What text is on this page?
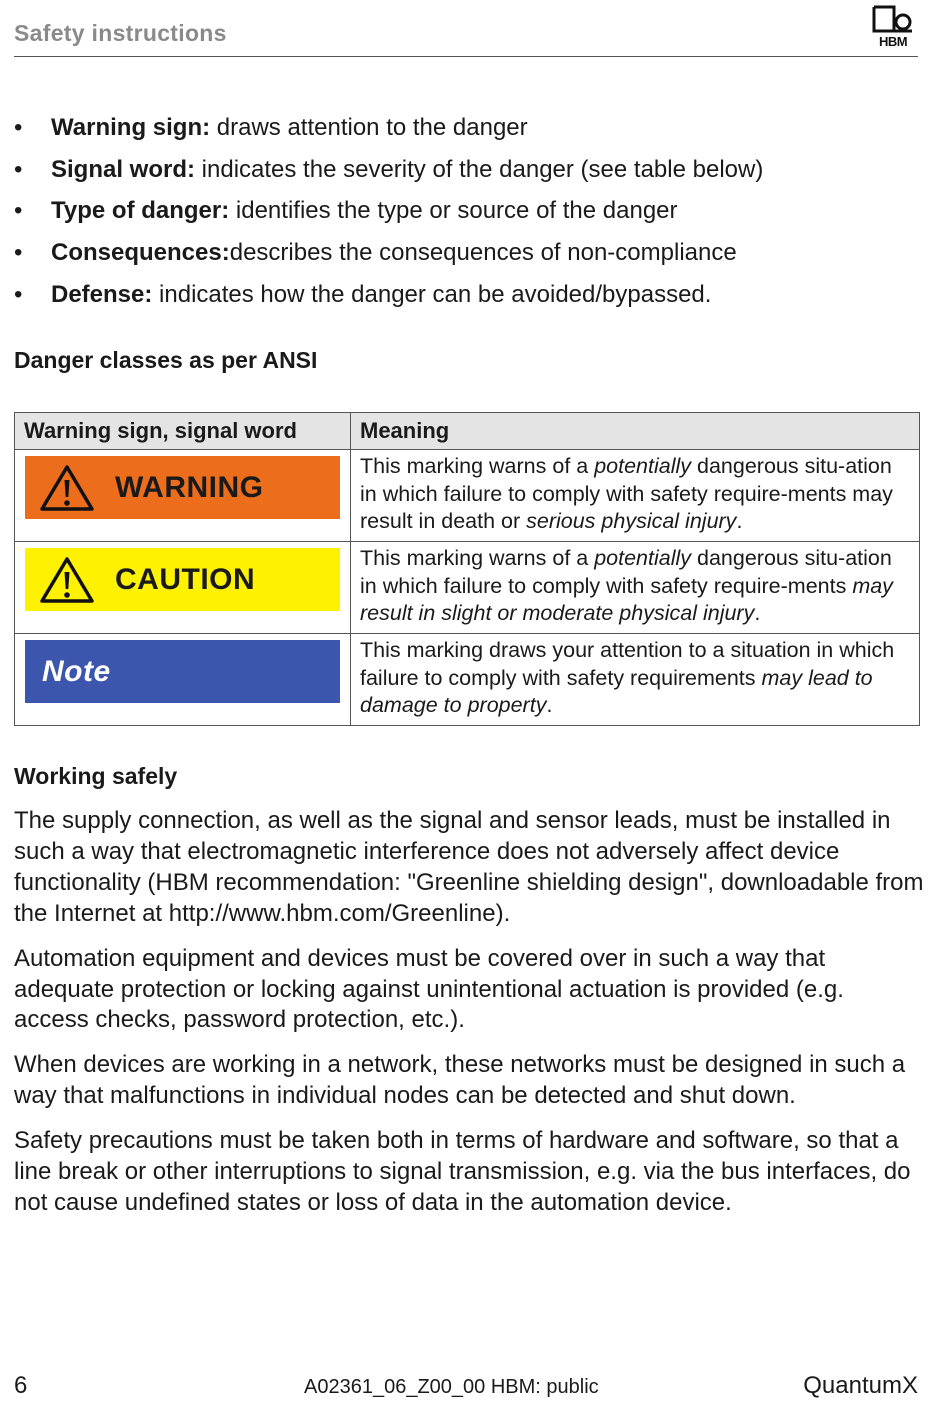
Safety instructions	HBM
• Warning sign: draws attention to the danger
• Signal word: indicates the severity of the danger (see table below)
• Type of danger: identifies the type or source of the danger
• Consequences:describes the consequences of non-compliance
• Defense: indicates how the danger can be avoided/bypassed.
Danger classes as per ANSI
Warning sign, signal word	Meaning

WARNING	This marking warns of a potentially dangerous situ-ation in which failure to comply with safety require-ments may result in death or serious physical injury.

CAUTION	This marking warns of a potentially dangerous situ-ation in which failure to comply with safety require-ments may result in slight or moderate physical injury.

Note	This marking draws your attention to a situation in which failure to comply with safety requirements may lead to damage to property.
Working safely

The supply connection, as well as the signal and sensor leads, must be installed in such a way that electromagnetic interference does not adversely affect device functionality (HBM recommendation: "Greenline shielding design", downloadable from the Internet at http://www.hbm.com/Greenline).

Automation equipment and devices must be covered over in such a way that adequate protection or locking against unintentional actuation is provided (e.g. access checks, password protection, etc.).

When devices are working in a network, these networks must be designed in such a way that malfunctions in individual nodes can be detected and shut down.

Safety precautions must be taken both in terms of hardware and software, so that a line break or other interruptions to signal transmission, e.g. via the bus interfaces, do not cause undefined states or loss of data in the automation device.

6	A02361_06_Z00_00 HBM: public	QuantumX
